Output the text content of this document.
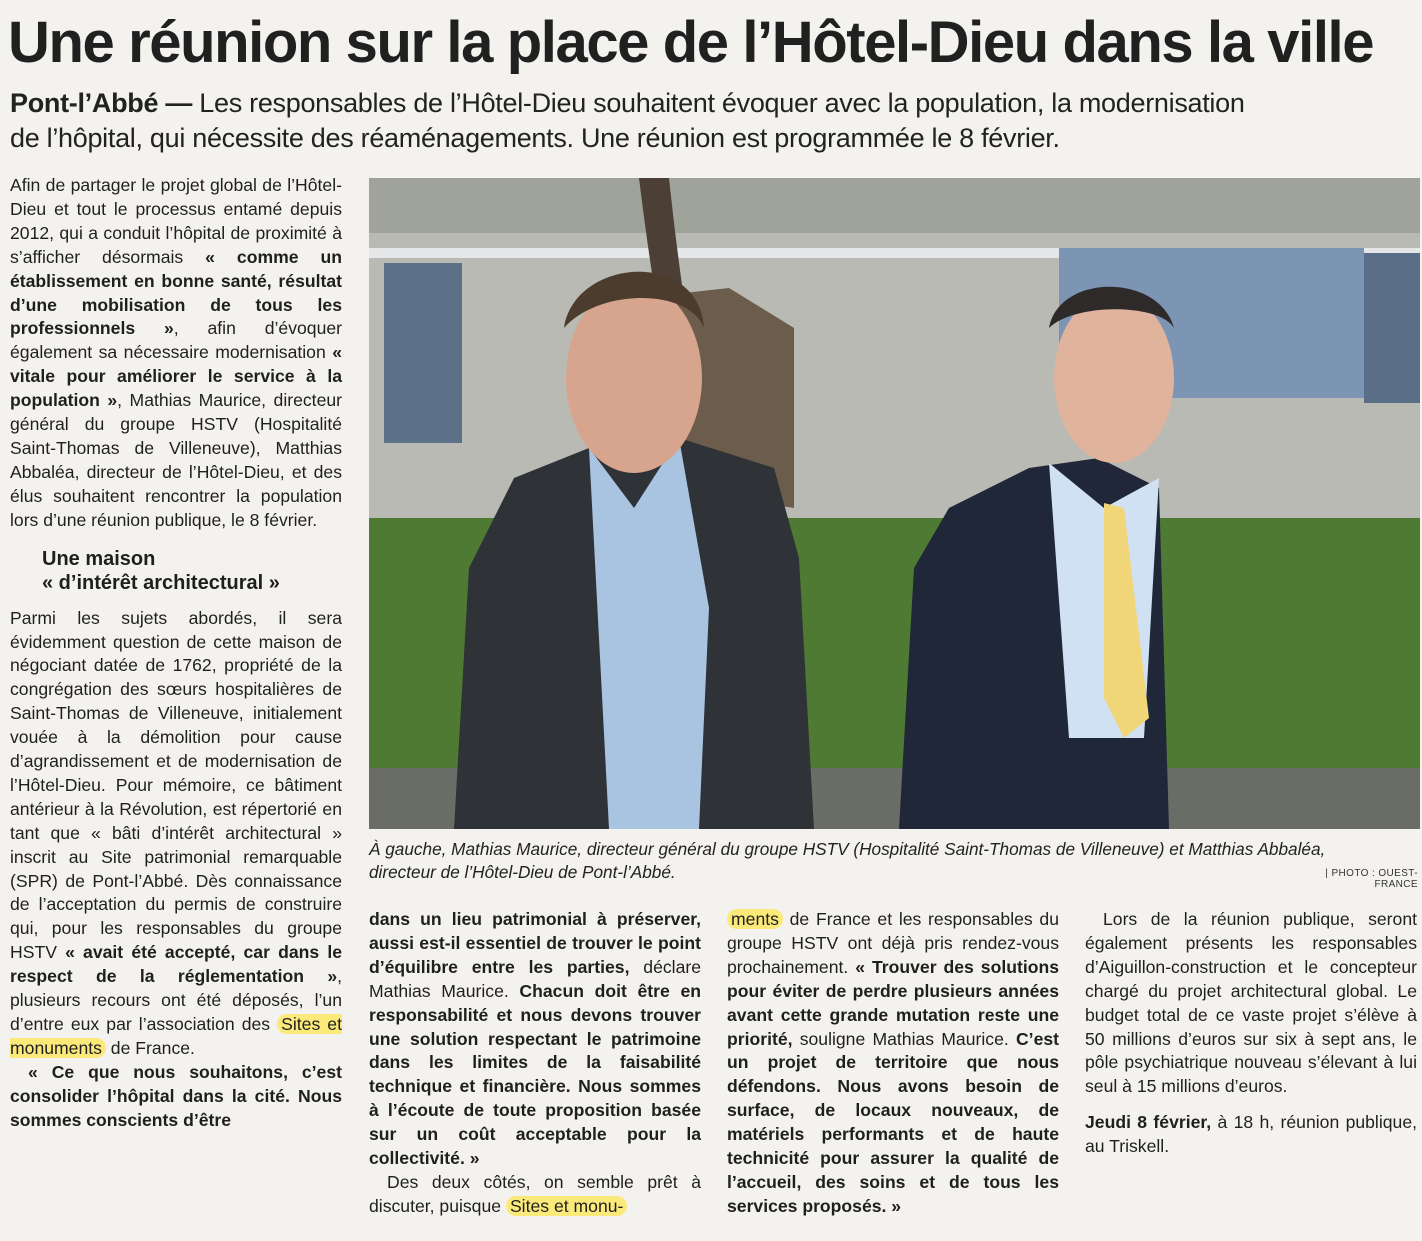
Une réunion sur la place de l’Hôtel-Dieu dans la ville

Pont-l’Abbé — Les responsables de l’Hôtel-Dieu souhaitent évoquer avec la population, la modernisation de l’hôpital, qui nécessite des réaménagements. Une réunion est programmée le 8 février.

Afin de partager le projet global de l’Hôtel-Dieu et tout le processus entamé depuis 2012, qui a conduit l’hôpital de proximité à s’afficher désormais « comme un établissement en bonne santé, résultat d’une mobilisation de tous les professionnels », afin d’évoquer également sa nécessaire modernisation « vitale pour améliorer le service à la population », Mathias Maurice, directeur général du groupe HSTV (Hospitalité Saint-Thomas de Villeneuve), Matthias Abbaléa, directeur de l’Hôtel-Dieu, et des élus souhaitent rencontrer la population lors d’une réunion publique, le 8 février.

Une maison
« d’intérêt architectural »

Parmi les sujets abordés, il sera évidemment question de cette maison de négociant datée de 1762, propriété de la congrégation des sœurs hospitalières de Saint-Thomas de Villeneuve, initialement vouée à la démolition pour cause d’agrandissement et de modernisation de l’Hôtel-Dieu. Pour mémoire, ce bâtiment antérieur à la Révolution, est répertorié en tant que « bâti d’intérêt architectural » inscrit au Site patrimonial remarquable (SPR) de Pont-l’Abbé. Dès connaissance de l’acceptation du permis de construire qui, pour les responsables du groupe HSTV « avait été accepté, car dans le respect de la réglementation », plusieurs recours ont été déposés, l’un d’entre eux par l’association des Sites et monuments de France.

« Ce que nous souhaitons, c’est consolider l’hôpital dans la cité. Nous sommes conscients d’être

dans un lieu patrimonial à préserver, aussi est-il essentiel de trouver le point d’équilibre entre les parties, déclare Mathias Maurice. Chacun doit être en responsabilité et nous devons trouver une solution respectant le patrimoine dans les limites de la faisabilité technique et financière. Nous sommes à l’écoute de toute proposition basée sur un coût acceptable pour la collectivité. »

Des deux côtés, on semble prêt à discuter, puisque Sites et monu-

ments de France et les responsables du groupe HSTV ont déjà pris rendez-vous prochainement. « Trouver des solutions pour éviter de perdre plusieurs années avant cette grande mutation reste une priorité, souligne Mathias Maurice. C’est un projet de territoire que nous défendons. Nous avons besoin de surface, de locaux nouveaux, de matériels performants et de haute technicité pour assurer la qualité de l’accueil, des soins et de tous les services proposés. »

Lors de la réunion publique, seront également présents les responsables d’Aiguillon-construction et le concepteur chargé du projet architectural global. Le budget total de ce vaste projet s’élève à 50 millions d’euros sur six à sept ans, le pôle psychiatrique nouveau s’élevant à lui seul à 15 millions d’euros.

Jeudi 8 février, à 18 h, réunion publique, au Triskell.

À gauche, Mathias Maurice, directeur général du groupe HSTV (Hospitalité Saint-Thomas de Villeneuve) et Matthias Abbaléa, directeur de l’Hôtel-Dieu de Pont-l’Abbé.	| PHOTO : OUEST-FRANCE
